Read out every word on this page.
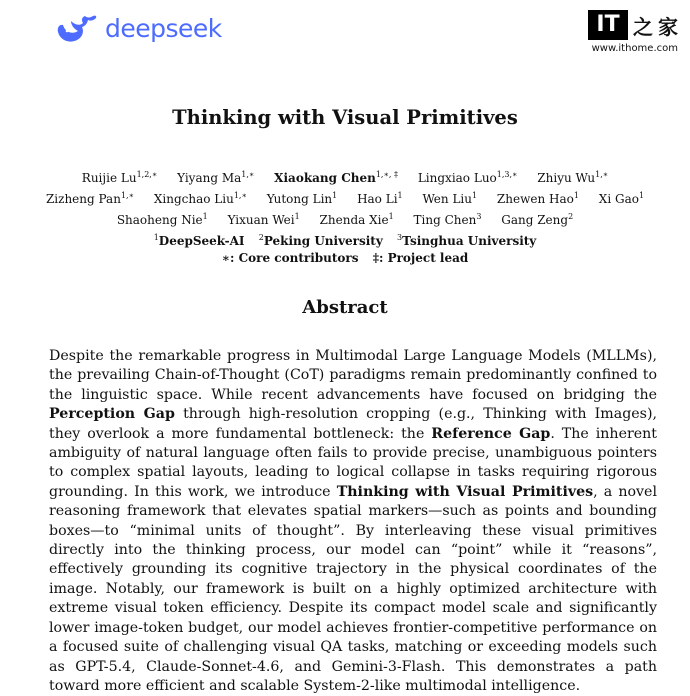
deepseek	IT 之 家
www.ithome.com
Thinking with Visual Primitives
Ruijie $Lu^{1,2,∗}$ Yiyang $Ma^{1,∗}$ Xiaokang Chen$^{1,∗, \ddagger}$ Lingxiao Luo$^{1,3,∗}$ Zhiyu $Wu^{1,∗}$ Zizheng Pan$^{1,∗}$ Xingchao Liu$^{1,∗}$ Yutong Lin$^1$ Hao Li$^1$ Wen Liu$^1$ Zhewen Hao$^1$ Xi Gao$^1$ Shaoheng Nie$^1$ Yixuan Wei$^1$ Zhenda Xie$^1$ Ting Chen$^3$ Gang Zeng$^2$
$^1$DeepSeek-AI $^2$Peking University $^3$Tsinghua University
∗: Core contributors ‡: Project lead
Abstract
Despite the remarkable progress in Multimodal Large Language Models (MLLMs), the prevailing Chain-of-Thought (CoT) paradigms remain predominantly confined to the linguistic space. While recent advancements have focused on bridging the Perception Gap through high-resolution cropping (e.g., Thinking with Images), they overlook a more fundamental bottleneck: the Reference Gap. The inherent ambiguity of natural language often fails to provide precise, unambiguous pointers to complex spatial layouts, leading to logical collapse in tasks requiring rigorous grounding. In this work, we introduce Thinking with Visual Primitives, a novel reasoning framework that elevates spatial markers—such as points and bounding boxes—to “minimal units of thought”. By interleaving these visual primitives directly into the thinking process, our model can “point” while it “reasons”, effectively grounding its cognitive trajectory in the physical coordinates of the image. Notably, our framework is built on a highly optimized architecture with extreme visual token efficiency. Despite its compact model scale and significantly lower image-token budget, our model achieves frontier-competitive performance on a focused suite of challenging visual QA tasks, matching or exceeding models such as GPT-5.4, Claude-Sonnet-4.6, and Gemini-3-Flash. This demonstrates a path toward more efficient and scalable System-2-like multimodal intelligence.
